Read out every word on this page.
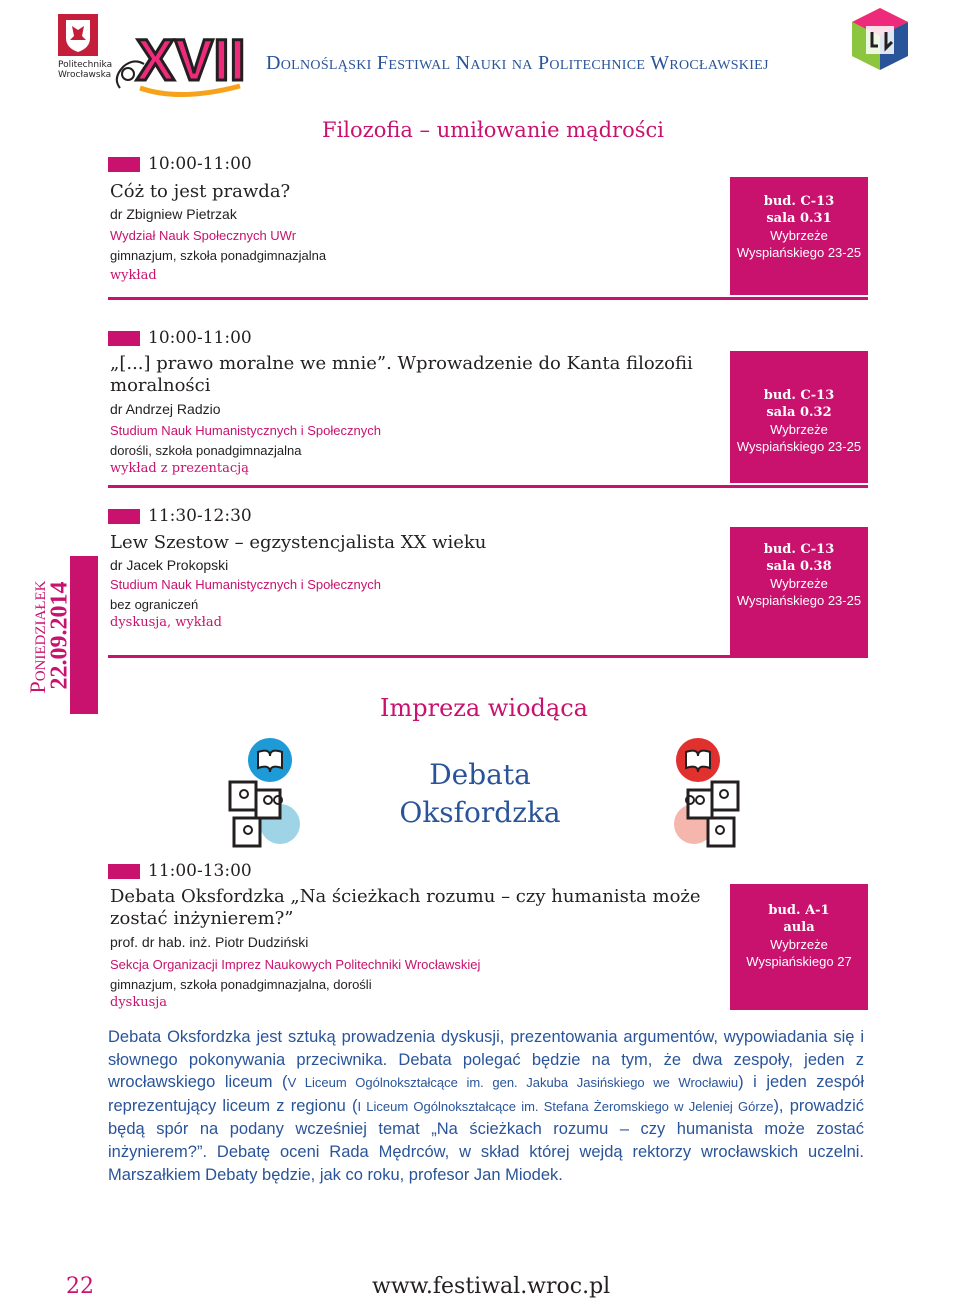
Politechnika Wrocławska XVII Dolnośląski Festiwal Nauki na Politechnice Wrocławskiej
Filozofia – umiłowanie mądrości
10:00-11:00
Cóż to jest prawda?
dr Zbigniew Pietrzak
Wydział Nauk Społecznych UWr
gimnazjum, szkoła ponadgimnazjalna
wykład
bud. C-13
sala 0.31
Wybrzeże
Wyspiańskiego 23-25
10:00-11:00
„[...] prawo moralne we mnie”. Wprowadzenie do Kanta filozofii moralności
dr Andrzej Radzio
Studium Nauk Humanistycznych i Społecznych
dorośli, szkoła ponadgimnazjalna
wykład z prezentacją
bud. C-13
sala 0.32
Wybrzeże
Wyspiańskiego 23-25
11:30-12:30
Lew Szestow – egzystencjalista XX wieku
dr Jacek Prokopski
Studium Nauk Humanistycznych i Społecznych
bez ograniczeń
dyskusja, wykład
bud. C-13
sala 0.38
Wybrzeże
Wyspiańskiego 23-25
Poniedziałek
22.09.2014
Impreza wiodąca
Debata
Oksfordzka
11:00-13:00
Debata Oksfordzka „Na ścieżkach rozumu – czy humanista może zostać inżynierem?”
prof. dr hab. inż. Piotr Dudziński
Sekcja Organizacji Imprez Naukowych Politechniki Wrocławskiej
gimnazjum, szkoła ponadgimnazjalna, dorośli
dyskusja
bud. A-1
aula
Wybrzeże
Wyspiańskiego 27
Debata Oksfordzka jest sztuką prowadzenia dyskusji, prezentowania argumentów, wypowiadania się i słownego pokonywania przeciwnika. Debata polegać będzie na tym, że dwa zespoły, jeden z wrocławskiego liceum (V Liceum Ogólnokształcące im. gen. Jakuba Jasińskiego we Wrocławiu) i jeden zespół reprezentujący liceum z regionu (I Liceum Ogólnokształcące im. Stefana Żeromskiego w Jeleniej Górze), prowadzić będą spór na podany wcześniej temat „Na ścieżkach rozumu – czy humanista może zostać inżynierem?”. Debatę oceni Rada Mędrców, w skład której wejdą rektorzy wrocławskich uczelni. Marszałkiem Debaty będzie, jak co roku, profesor Jan Miodek.
22	www.festiwal.wroc.pl
